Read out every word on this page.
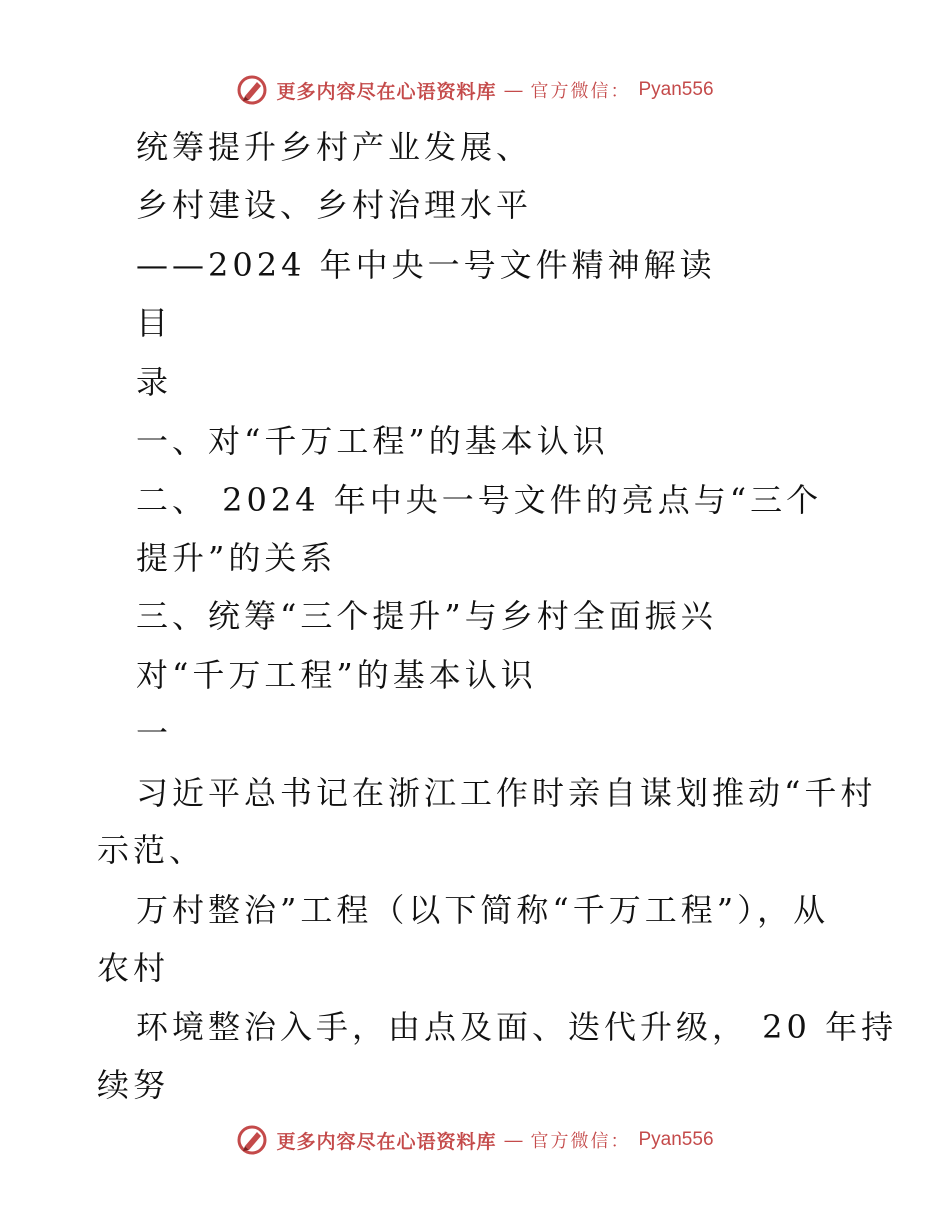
更多内容尽在心语资料库 — 官方微信： Pyan556
统筹提升乡村产业发展、
乡村建设、乡村治理水平
——2024 年中央一号文件精神解读
目
录
一、对“千万工程”的基本认识
二、 2024 年中央一号文件的亮点与“三个
提升”的关系
三、统筹“三个提升”与乡村全面振兴
对“千万工程”的基本认识
一
习近平总书记在浙江工作时亲自谋划推动“千村
示范、
万村整治”工程（以下简称“千万工程”），从
农村
环境整治入手，由点及面、迭代升级， 20 年持
续努
更多内容尽在心语资料库 — 官方微信： Pyan556
